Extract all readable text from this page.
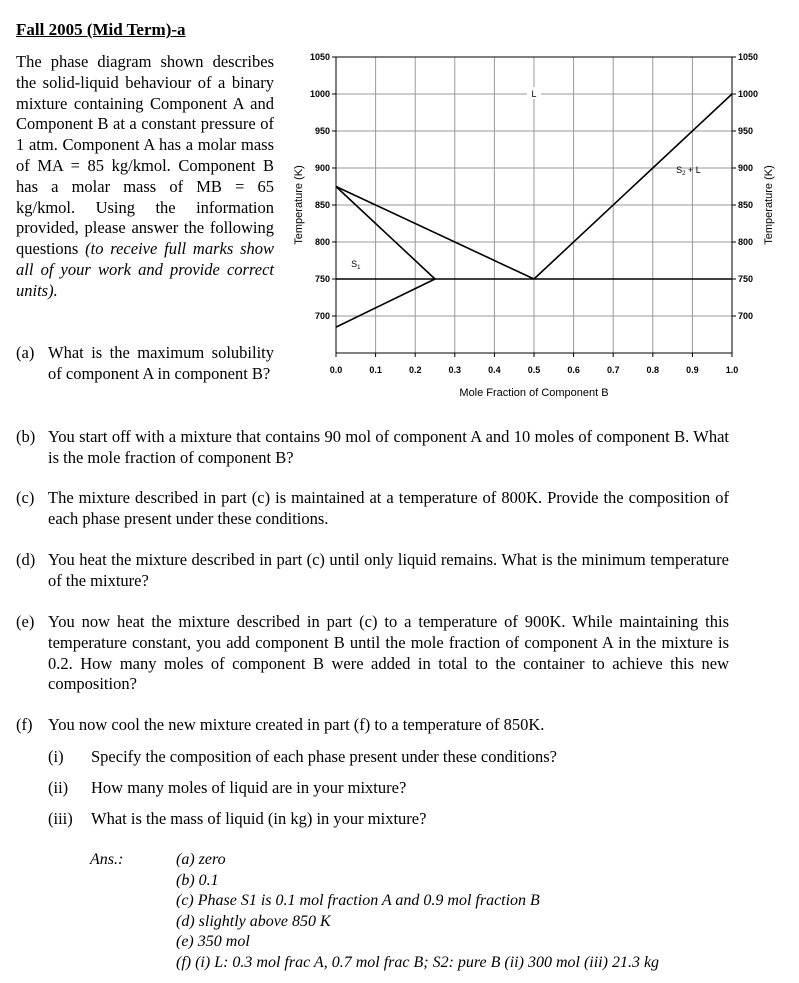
Fall 2005 (Mid Term)-a
The phase diagram shown describes the solid-liquid behaviour of a binary mixture containing Component A and Component B at a constant pressure of 1 atm. Component A has a molar mass of MA = 85 kg/kmol. Component B has a molar mass of MB = 65 kg/kmol. Using the information provided, please answer the following questions (to receive full marks show all of your work and provide correct units).
0.0	0.1	0.2	0.3	0.4	0.5	0.6	0.7	0.8	0.9	1.0
700	700
750	750
800	800
850	850
900	900
950	950
1000	1000
1050	1050
L
$S_2 + L$
$S_1$
Mole Fraction of Component B
Temperature (K)	Temperature (K)
(a) What is the maximum solubility of component A in component B?
(b) You start off with a mixture that contains 90 mol of component A and 10 moles of component B. What is the mole fraction of component B?
(c) The mixture described in part (c) is maintained at a temperature of 800K. Provide the composition of each phase present under these conditions.
(d) You heat the mixture described in part (c) until only liquid remains. What is the minimum temperature of the mixture?
(e) You now heat the mixture described in part (c) to a temperature of 900K. While maintaining this temperature constant, you add component B until the mole fraction of component A in the mixture is 0.2. How many moles of component B were added in total to the container to achieve this new composition?
(f) You now cool the new mixture created in part (f) to a temperature of 850K.
(i) Specify the composition of each phase present under these conditions?
(ii) How many moles of liquid are in your mixture?
(iii) What is the mass of liquid (in kg) in your mixture?
Ans.:	(a) zero
(b) 0.1
(c) Phase S1 is 0.1 mol fraction A and 0.9 mol fraction B
(d) slightly above 850 K
(e) 350 mol
(f) (i) L: 0.3 mol frac A, 0.7 mol frac B; S2: pure B (ii) 300 mol (iii) 21.3 kg
